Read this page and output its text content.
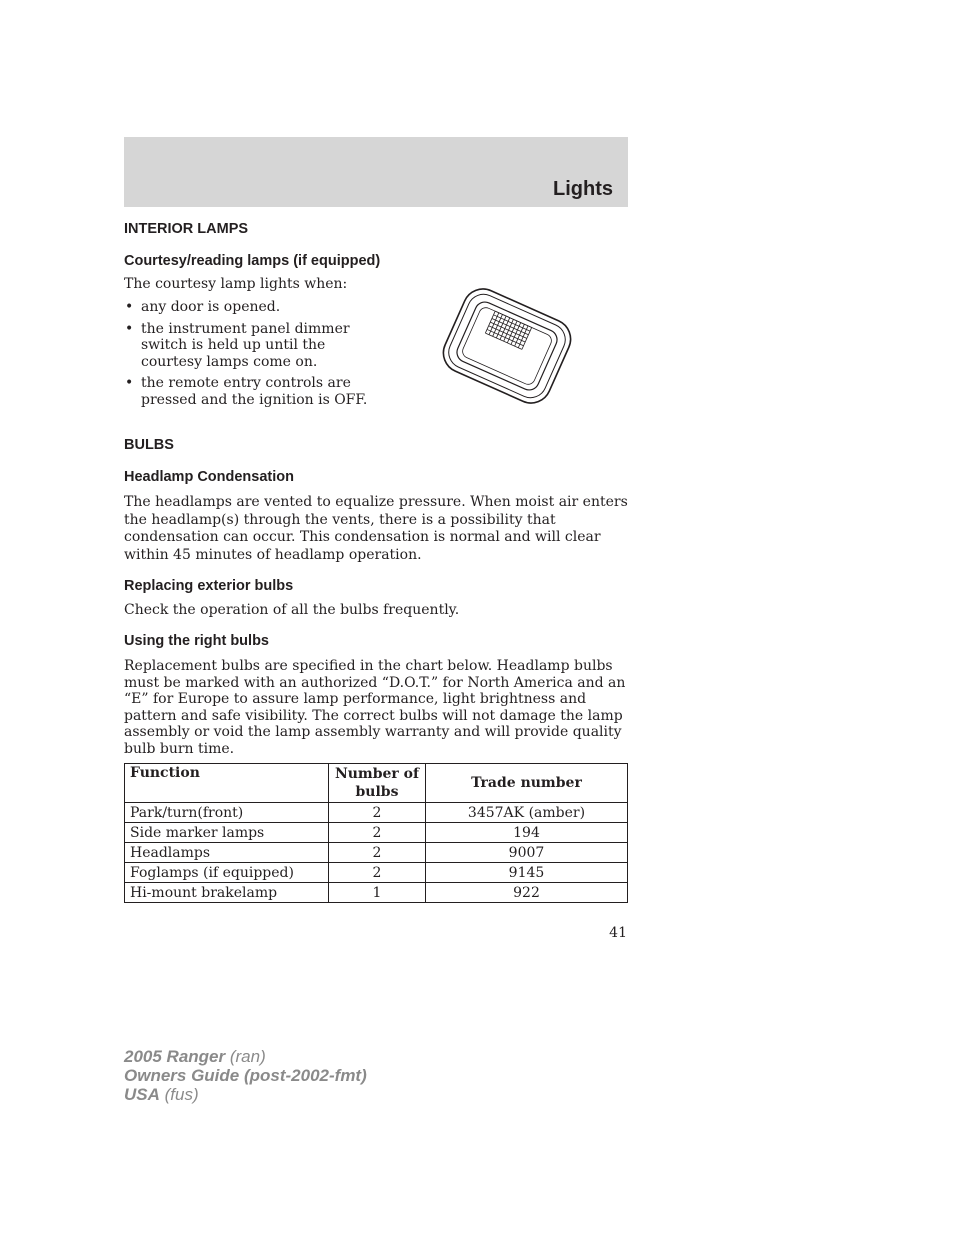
Lights
INTERIOR LAMPS
Courtesy/reading lamps (if equipped)

The courtesy lamp lights when:

• any door is opened.
• the instrument panel dimmer switch is held up until the courtesy lamps come on.
• the remote entry controls are pressed and the ignition is OFF.
BULBS
Headlamp Condensation

The headlamps are vented to equalize pressure. When moist air enters the headlamp(s) through the vents, there is a possibility that condensation can occur. This condensation is normal and will clear within 45 minutes of headlamp operation.

Replacing exterior bulbs

Check the operation of all the bulbs frequently.

Using the right bulbs

Replacement bulbs are specified in the chart below. Headlamp bulbs must be marked with an authorized “D.O.T.” for North America and an “E” for Europe to assure lamp performance, light brightness and pattern and safe visibility. The correct bulbs will not damage the lamp assembly or void the lamp assembly warranty and will provide quality bulb burn time.

Function	Number of bulbs	Trade number
Park/turn(front)	2	3457AK (amber)
Side marker lamps	2	194
Headlamps	2	9007
Foglamps (if equipped)	2	9145
Hi-mount brakelamp	1	922
41
2005 Ranger (ran)
Owners Guide (post-2002-fmt)
USA (fus)
